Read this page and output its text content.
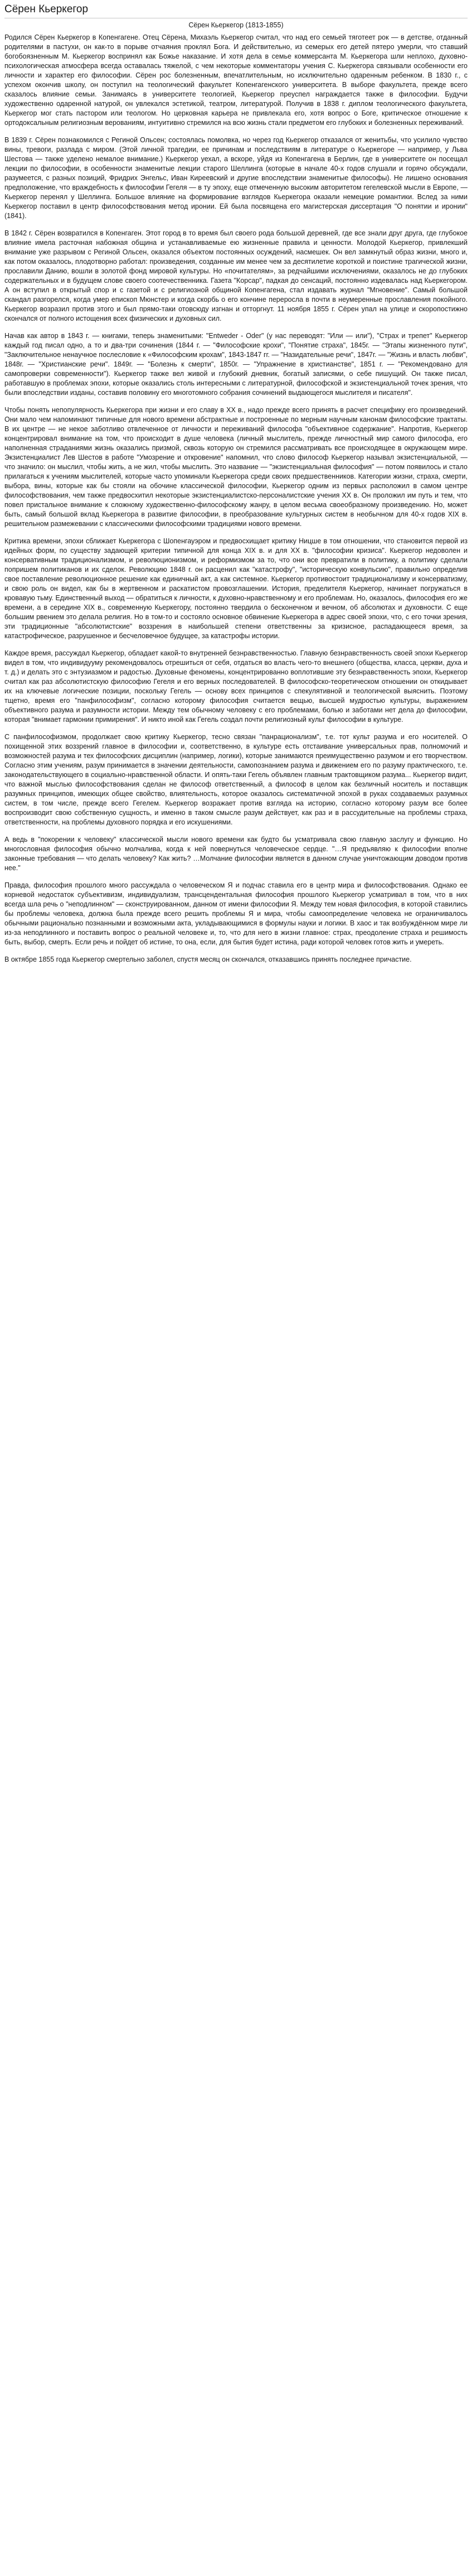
Сёрен Кьеркегор
Сёрен Кьеркегор (1813-1855)

Родился Сёрен Кьеркегор в Копенгагене. Отец Сёрена, Михаэль Кьеркегор считал, что над его семьей тяготеет рок — в детстве, отданный родителями в пастухи, он как-то в порыве отчаяния проклял Бога. И действительно, из семерых его детей пятеро умерли, что ставший богобоязненным М. Кьеркегор воспринял как Божье наказание. И хотя дела в семье коммерсанта М. Кьеркегора шли неплохо, духовно-психологическая атмосфера всегда оставалась тяжелой, с чем некоторые комментаторы учения С. Кьеркегора связывали особенности его личности и характер его философии. Сёрен рос болезненным, впечатлительным, но исключительно одаренным ребенком. В 1830 г., с успехом окончив школу, он поступил на теологический факультет Копенгагенского университета. В выборе факультета, прежде всего сказалось влияние семьи. Занимаясь в университете теологией, Кьеркегор преуспел награждается также в философии. Будучи художественно одаренной натурой, он увлекался эстетикой, театром, литературой. Получив в 1838 г. диплом теологического факультета, Кьеркегор мог стать пастором или теологом. Но церковная карьера не привлекала его, хотя вопрос о Боге, критическое отношение к ортодоксальным религиозным верованиям, интуитивно стремился на всю жизнь стали предметом его глубоких и болезненных переживаний.

В 1839 г. Сёрен познакомился с Региной Ольсен; состоялась помолвка, но через год Кьеркегор отказался от женитьбы, что усилило чувство вины, тревоги, разлада с миром. (Этой личной трагедии, ее причинам и последствиям в литературе о Кьеркегоре — например, у Льва Шестова — также уделено немалое внимание.) Кьеркегор уехал, а вскоре, уйдя из Копенгагена в Берлин, где в университете он посещал лекции по философии, в особенности знаменитые лекции старого Шеллинга (которые в начале 40-х годов слушали и горячо обсуждали, разумеется, с разных позиций, Фридрих Энгельс, Иван Киреевский и другие впоследствии знаменитые философы). Не лишено основания предположение, что враждебность к философии Гегеля — в ту эпоху, еще отмеченную высоким авторитетом гегелевской мысли в Европе, — Кьеркегор перенял у Шеллинга. Большое влияние на формирование взглядов Кьеркегора оказали немецкие романтики. Вслед за ними Кьеркегор поставил в центр философствования метод иронии. Ей была посвящена его магистерская диссертация "О понятии и иронии" (1841).

В 1842 г. Сёрен возвратился в Копенгаген. Этот город в то время был своего рода большой деревней, где все знали друг друга, где глубокое влияние имела расточная набожная община и устанавливаемые ею жизненные правила и ценности. Молодой Кьеркегор, привлекший внимание уже разрывом с Региной Ольсен, оказался объектом постоянных осуждений, насмешек. Он вел замкнутый образ жизни, много и, как потом оказалось, плодотворно работал: произведения, созданные им менее чем за десятилетие короткой и поистине трагической жизни, прославили Данию, вошли в золотой фонд мировой культуры. Но «почитателям», за редчайшими исключениями, оказалось не до глубоких содержательных и в будущем слове своего соотечественника. Газета "Корсар", падкая до сенсаций, постоянно издевалась над Кьеркегором. А он вступил в открытый спор и с газетой и с религиозной общиной Копенгагена, стал издавать журнал "Мгновение". Самый большой скандал разгорелся, когда умер епископ Мюнстер и когда скорбь о его кончине переросла в почти в неумеренные прославления покойного. Кьеркегор возразил против этого и был прямо-таки отовсюду изгнан и отторгнут. 11 ноября 1855 г. Сёрен упал на улице и скоропостижно скончался от полного истощения всех физических и духовных сил.

Начав как автор в 1843 г. — книгами, теперь знаменитыми: "Entweder - Oder" (у нас переводят: "Или — или"), "Страх и трепет" Кьеркегор каждый год писал одно, а то и два-три сочинения (1844 г. — "Философские крохи", "Понятие страха", 1845г. — "Этапы жизненного пути", "Заключительное ненаучное послесловие к «Философским крохам", 1843-1847 гг. — "Назидательные речи", 1847г. — "Жизнь и власть любви", 1848г. — "Христианские речи". 1849г. — "Болезнь к смерти", 1850г. — "Упражнение в христианстве", 1851 г. — "Рекомендовано для самопроверки современности"). Кьеркегор также вел живой и глубокий дневник, богатый записями, о себе пишущий. Он также писал, работавшую в проблемах эпохи, которые оказались столь интересными с литературной, философской и экзистенциальной точек зрения, что были впоследствии изданы, составив половину его многотомного собрания сочинений выдающегося мыслителя и писателя".

Чтобы понять непопулярность Кьеркегора при жизни и его славу в XX в., надо прежде всего принять в расчет специфику его произведений. Они мало чем напоминают типичные для нового времени абстрактные и построенные по мерным научным канонам философские трактаты. В их центре — не некое заботливо отвлеченное от личности и переживаний философа "объективное содержание". Напротив, Кьеркегор концентрировал внимание на том, что происходит в душе человека (личный мыслитель, прежде личностный мир самого философа, его наполненная страданиями жизнь оказались призмой, сквозь которую он стремился рассматривать все происходящее в окружающем мире. Экзистенциалист Лев Шестов в работе "Умозрение и откровение" напомнил, что слово философ Кьеркегор называл экзистенциальной, — что значило: он мыслил, чтобы жить, а не жил, чтобы мыслить. Это название — "экзистенциальная философия" — потом появилось и стало прилагаться к учениям мыслителей, которые часто упоминали Кьеркегора среди своих предшественников. Категории жизни, страха, смерти, выбора, вины, которые как бы стояли на обочине классической философии, Кьеркегор одним из первых расположил в самом центре философствования, чем также предвосхитил некоторые экзистенциалистско-персоналистские учения XX в. Он проложил им путь и тем, что повел пристальное внимание к сложному художественно-философскому жанру, в целом весьма своеобразному произведению. Но, может быть, самый большой вклад Кьеркегора в развитие философии, в преобразование культурных систем в необычном для 40-х годов XIX в. решительном размежевании с классическими философскими традициями нового времени.

Критика времени, эпохи сближает Кьеркегора с Шопенгауэром и предвосхищает критику Ницше в том отношении, что становится первой из идейных форм, по существу задающей критерии типичной для конца XIX в. и для XX в. "философии кризиса". Кьеркегор недоволен и консервативным традиционализмом, и революционизмом, и реформизмом за то, что они все превратили в политику, а политику сделали попришем политиканов и их сделок. Революцию 1848 г. он расценил как "катастрофу", "историческую конвульсию", правильно определив свое поставление революционное решение как единичный акт, а как системное. Кьеркегор противостоит традиционализму и консерватизму, и свою роль он видел, как бы в жертвенном и раскатистом провозглашении. История, пределителя Кьеркегор, начинает погружаться в кровавую тьму. Единственный выход — обратиться к личности, к духовно-нравственному и его проблемам. Но, оказалось, философия его же времени, а в середине XIX в., современную Кьеркегору, постоянно твердила о бесконечном и вечном, об абсолютах и духовности. С еще большим рвением это делала религия. Но в том-то и состояло основное обвинение Кьеркегора в адрес своей эпохи, что, с его точки зрения, эти традиционные "абсолютистские" воззрения в наибольшей степени ответственны за кризисное, распадающееся время, за катастрофическое, разрушенное и бесчеловечное будущее, за катастрофы истории.

Каждое время, рассуждал Кьеркегор, обладает какой-то внутренней безнравственностью. Главную безнравственность своей эпохи Кьеркегор видел в том, что индивидууму рекомендовалось отрешиться от себя, отдаться во власть чего-то внешнего (общества, класса, церкви, духа и т. д.) и делать это с энтузиазмом и радостью. Духовные феномены, концентрированно воплотившие эту безнравственность эпохи, Кьеркегор считал как раз абсолютистскую философию Гегеля и его верных последователей. В философско-теоретическом отношении он откидывает их на ключевые логические позиции, поскольку Гегель — основу всех принципов с спекулятивной и теологической выяснить. Поэтому тщетно, время его "панфилософизм", согласно которому философия считается вещью, высшей мудростью культуры, выражением объективного разума и разумности истории. Между тем обычному человеку с его проблемами, болью и заботами нет дела до философии, которая "внимает гармонии примирения". И никто иной как Гегель создал почти религиозный культ философии в культуре.

С панфилософизмом, продолжает свою критику Кьеркегор, тесно связан "панрационализм", т.е. тот культ разума и его носителей. О похищенной этих воззрений главное в философии и, соответственно, в культуре есть отстаивание универсальных прав, полномочий и возможностей разума и тех философских дисциплин (например, логики), которые занимаются преимущественно разумом и его творчеством. Согласно этим учениям, разум принимается в значении деятельности, самопознанием разума и движением его по разуму практического, т.е. законодательствующего в социально-нравственной области. И опять-таки Гегель объявлен главным трактовщиком разума... Кьеркегор видит, что важной мыслью философствования сделан не философ ответственный, а философ в целом как безличный носитель и поставщик разумных принципов, имеющих общее свойство, влиятельность, которое оказалось систематичной эпохой в руках создаваемых разумных систем, в том числе, прежде всего Гегелем. Кьеркегор возражает против взгляда на историю, согласно которому разум все более воспроизводит свою собственную сущность, и именно в таком смысле разум действует, как раз и в рассудительные на проблемы страха, ответственности, на проблемы духовного порядка и его искушениями.

А ведь в "покорении к человеку" классической мысли нового времени как будто бы усматривала свою главную заслугу и функцию. Но многословная философия обычно молчалива, когда к ней повернуться человеческое сердце. "…Я предъявляю к философии вполне законные требования — что делать человеку? Как жить? …Молчание философии является в данном случае уничтожающим доводом против нее."

Правда, философия прошлого много рассуждала о человеческом Я и подчас ставила его в центр мира и философствования. Однако ее корневой недостаток субъективизм, индивидуализм, трансцендентальная философия прошлого Кьеркегор усматривал в том, что в них всегда шла речь о "неподлинном" — сконструированном, данном от имени философии Я. Между тем новая философия, в которой ставились бы проблемы человека, должна была прежде всего решить проблемы Я и мира, чтобы самоопределение человека не ограничивалось обычными рационально познанными и возможными акта, укладывающимися в формулы науки и логики. В хаос и так возбуждённом мире ли из-за неподлинного и поставить вопрос о реальной человеке и, то, что для него в жизни главное: страх, преодоление страха и решимость быть, выбор, смерть. Если речь и пойдет об истине, то она, если, для бытия будет истина, ради которой человек готов жить и умереть.

В октябре 1855 года Кьеркегор смертельно заболел, спустя месяц он скончался, отказавшись принять последнее причастие.
